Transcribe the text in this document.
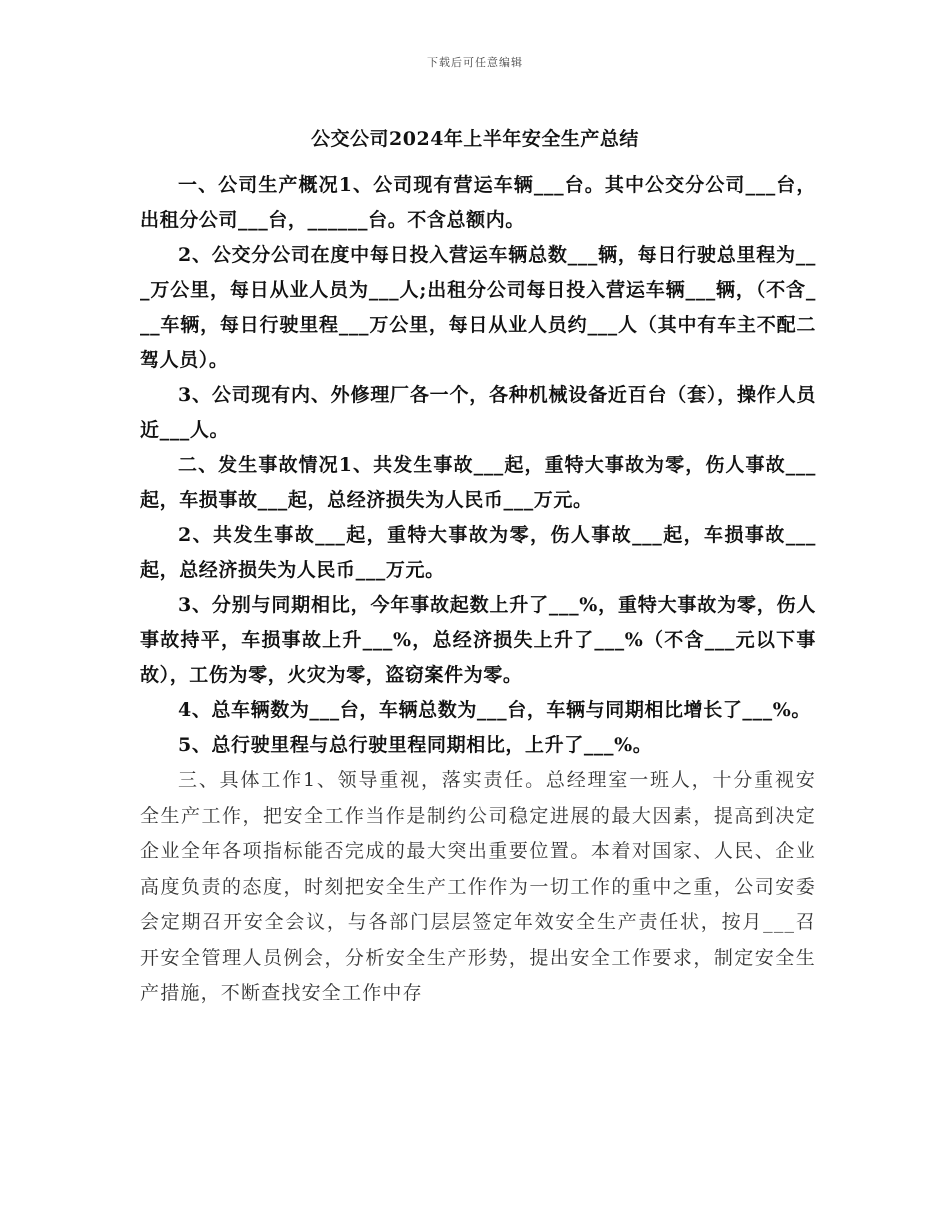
下载后可任意编辑
公交公司2024年上半年安全生产总结

一、公司生产概况1、公司现有营运车辆___台。其中公交分公司___台，出租分公司___台，______台。不含总额内。

2、公交分公司在度中每日投入营运车辆总数___辆，每日行驶总里程为___万公里，每日从业人员为___人;出租分公司每日投入营运车辆___辆，（不含___车辆，每日行驶里程___万公里，每日从业人员约___人（其中有车主不配二驾人员）。

3、公司现有内、外修理厂各一个，各种机械设备近百台（套），操作人员近___人。

二、发生事故情况1、共发生事故___起，重特大事故为零，伤人事故___起，车损事故___起，总经济损失为人民币___万元。

2、共发生事故___起，重特大事故为零，伤人事故___起，车损事故___起，总经济损失为人民币___万元。

3、分别与同期相比，今年事故起数上升了___%，重特大事故为零，伤人事故持平，车损事故上升___%，总经济损失上升了___%（不含___元以下事故），工伤为零，火灾为零，盗窃案件为零。

4、总车辆数为___台，车辆总数为___台，车辆与同期相比增长了___%。

5、总行驶里程与总行驶里程同期相比，上升了___%。

三、具体工作1、领导重视，落实责任。总经理室一班人，十分重视安全生产工作，把安全工作当作是制约公司稳定进展的最大因素，提高到决定企业全年各项指标能否完成的最大突出重要位置。本着对国家、人民、企业高度负责的态度，时刻把安全生产工作作为一切工作的重中之重，公司安委会定期召开安全会议，与各部门层层签定年效安全生产责任状，按月___召开安全管理人员例会，分析安全生产形势，提出安全工作要求，制定安全生产措施，不断查找安全工作中存
